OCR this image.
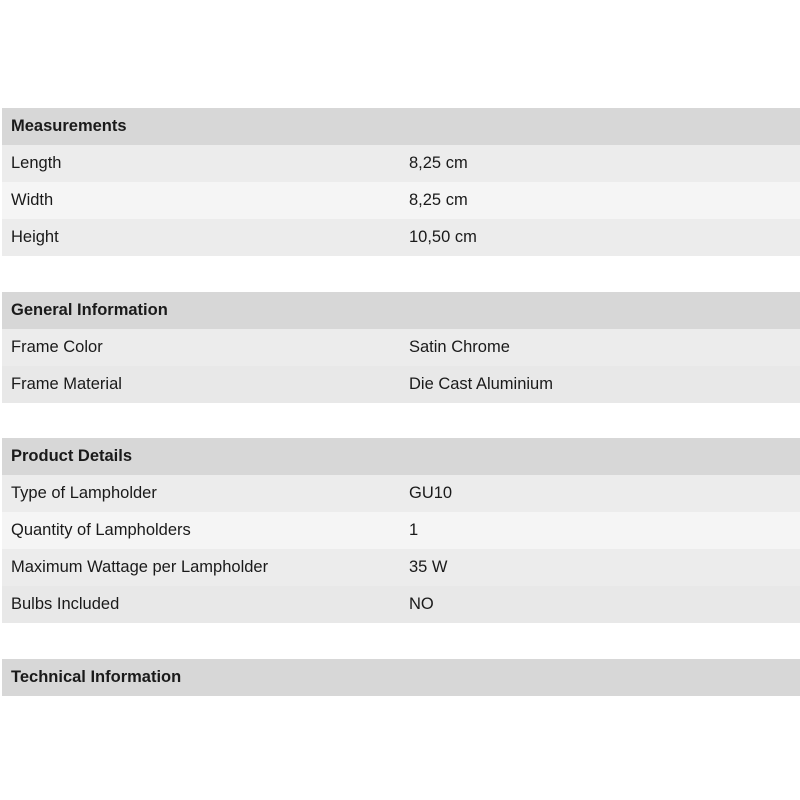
Measurements
Length	8,25 cm
Width	8,25 cm
Height	10,50 cm
General Information
Frame Color	Satin Chrome
Frame Material	Die Cast Aluminium
Product Details
Type of Lampholder	GU10
Quantity of Lampholders	1
Maximum Wattage per Lampholder	35 W
Bulbs Included	NO
Technical Information
